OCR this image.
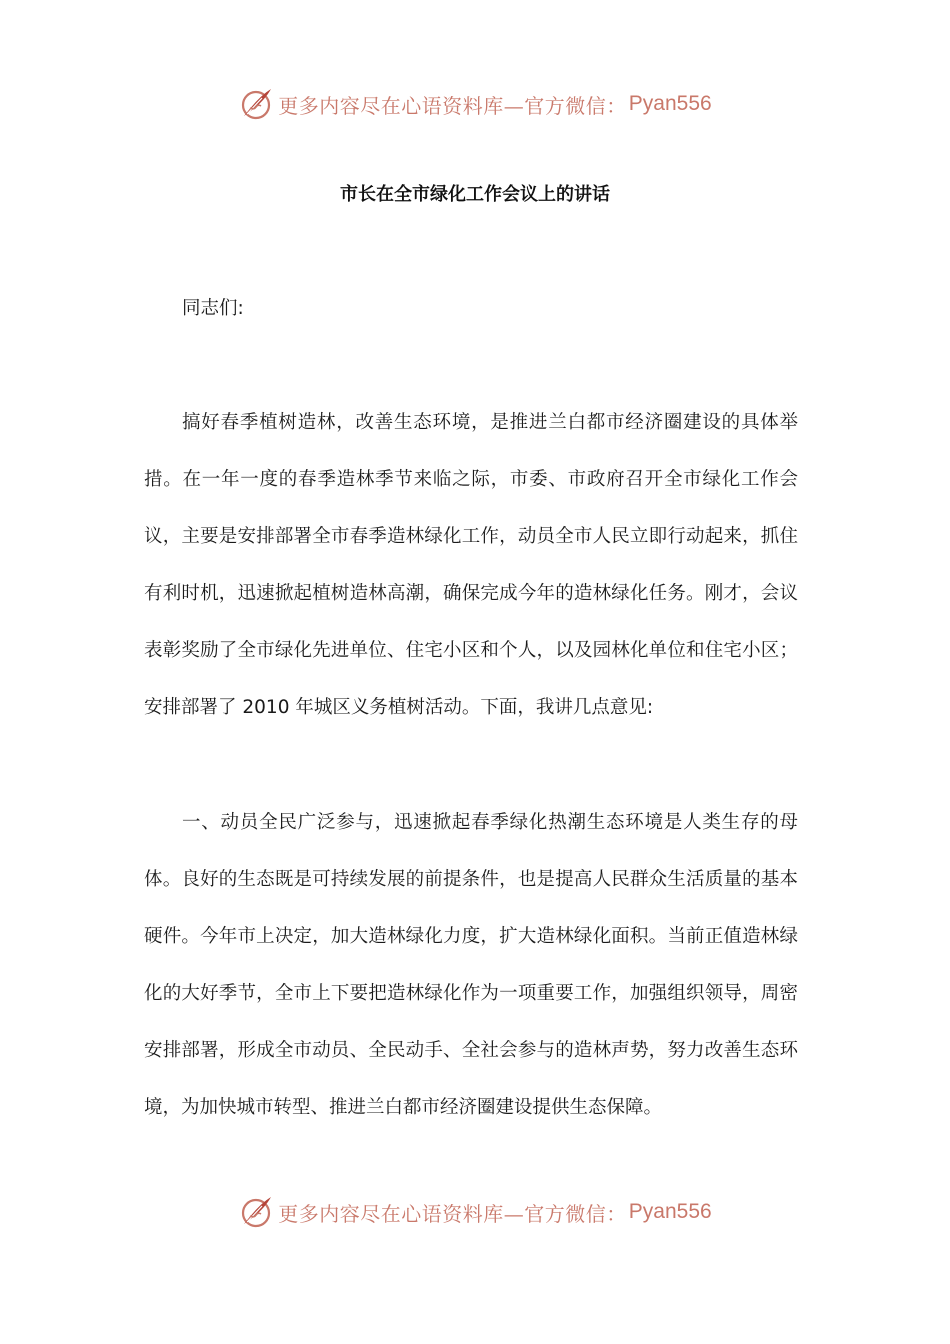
更多内容尽在心语资料库—官方微信： Pyan556
市长在全市绿化工作会议上的讲话
同志们:

搞好春季植树造林，改善生态环境，是推进兰白都市经济圈建设的具体举措。在一年一度的春季造林季节来临之际，市委、市政府召开全市绿化工作会议，主要是安排部署全市春季造林绿化工作，动员全市人民立即行动起来，抓住有利时机，迅速掀起植树造林高潮，确保完成今年的造林绿化任务。刚才，会议表彰奖励了全市绿化先进单位、住宅小区和个人，以及园林化单位和住宅小区；安排部署了 2010 年城区义务植树活动。下面，我讲几点意见:

一、动员全民广泛参与，迅速掀起春季绿化热潮生态环境是人类生存的母体。良好的生态既是可持续发展的前提条件，也是提高人民群众生活质量的基本硬件。今年市上决定，加大造林绿化力度，扩大造林绿化面积。当前正值造林绿化的大好季节，全市上下要把造林绿化作为一项重要工作，加强组织领导，周密安排部署，形成全市动员、全民动手、全社会参与的造林声势，努力改善生态环境，为加快城市转型、推进兰白都市经济圈建设提供生态保障。

更多内容尽在心语资料库—官方微信： Pyan556
